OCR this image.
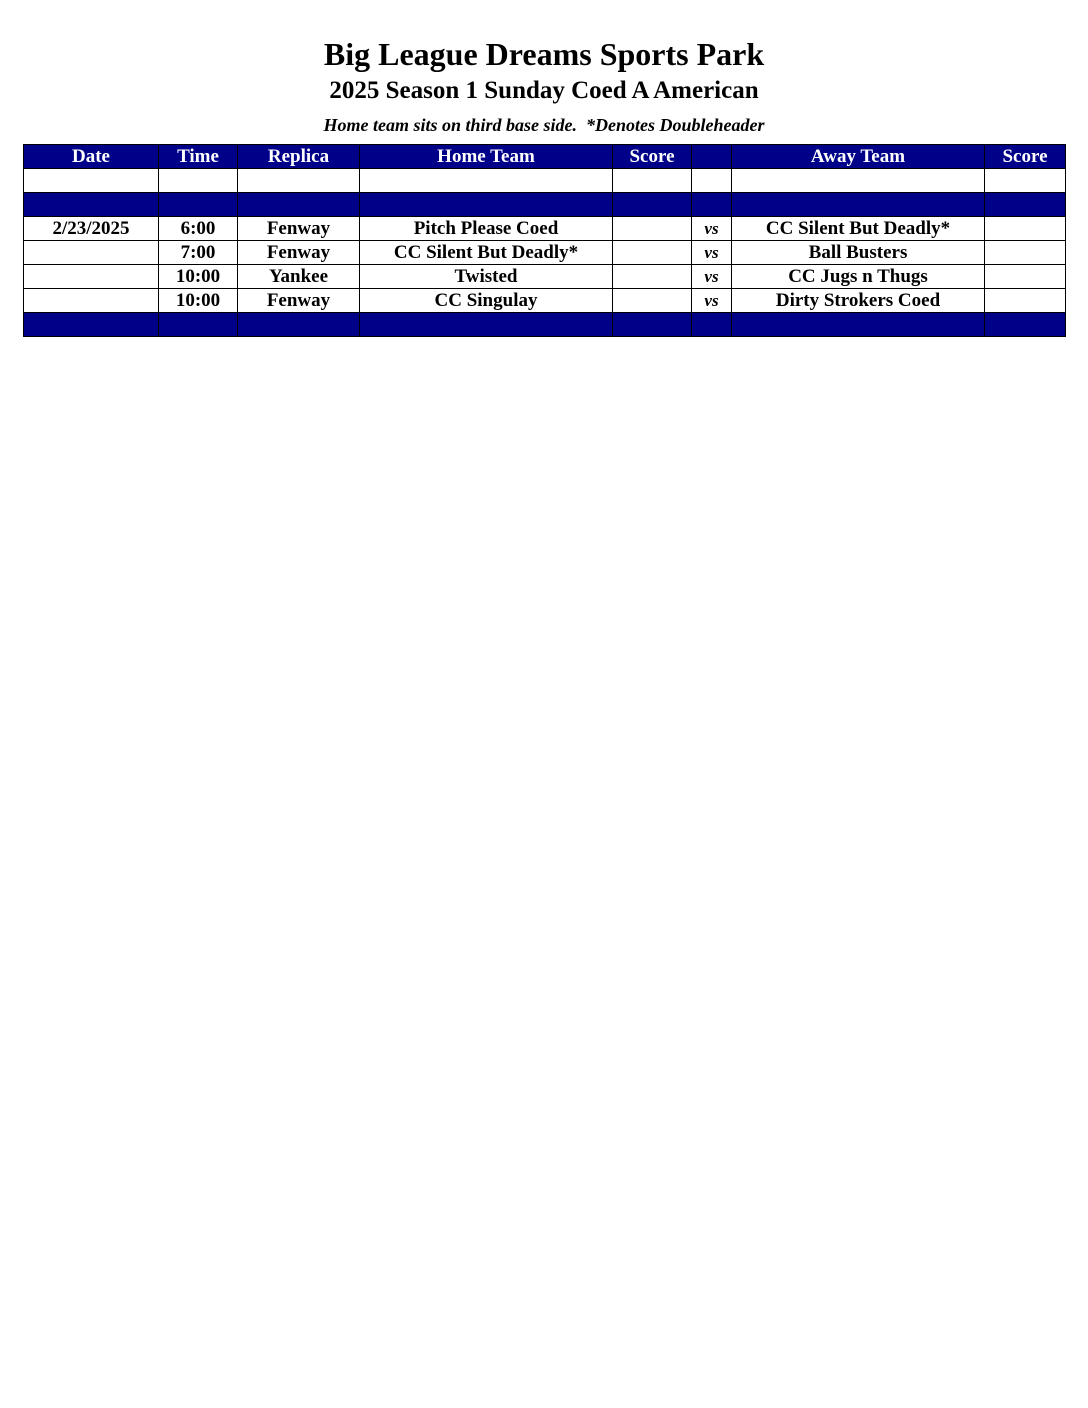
Big League Dreams Sports Park
2025 Season 1 Sunday Coed A American
Home team sits on third base side.  *Denotes Doubleheader
Date	Time	Replica	Home Team	Score		Away Team	Score

2/23/2025	6:00	Fenway	Pitch Please Coed		vs	CC Silent But Deadly*	
	7:00	Fenway	CC Silent But Deadly*		vs	Ball Busters	
	10:00	Yankee	Twisted		vs	CC Jugs n Thugs	
	10:00	Fenway	CC Singulay		vs	Dirty Strokers Coed	
